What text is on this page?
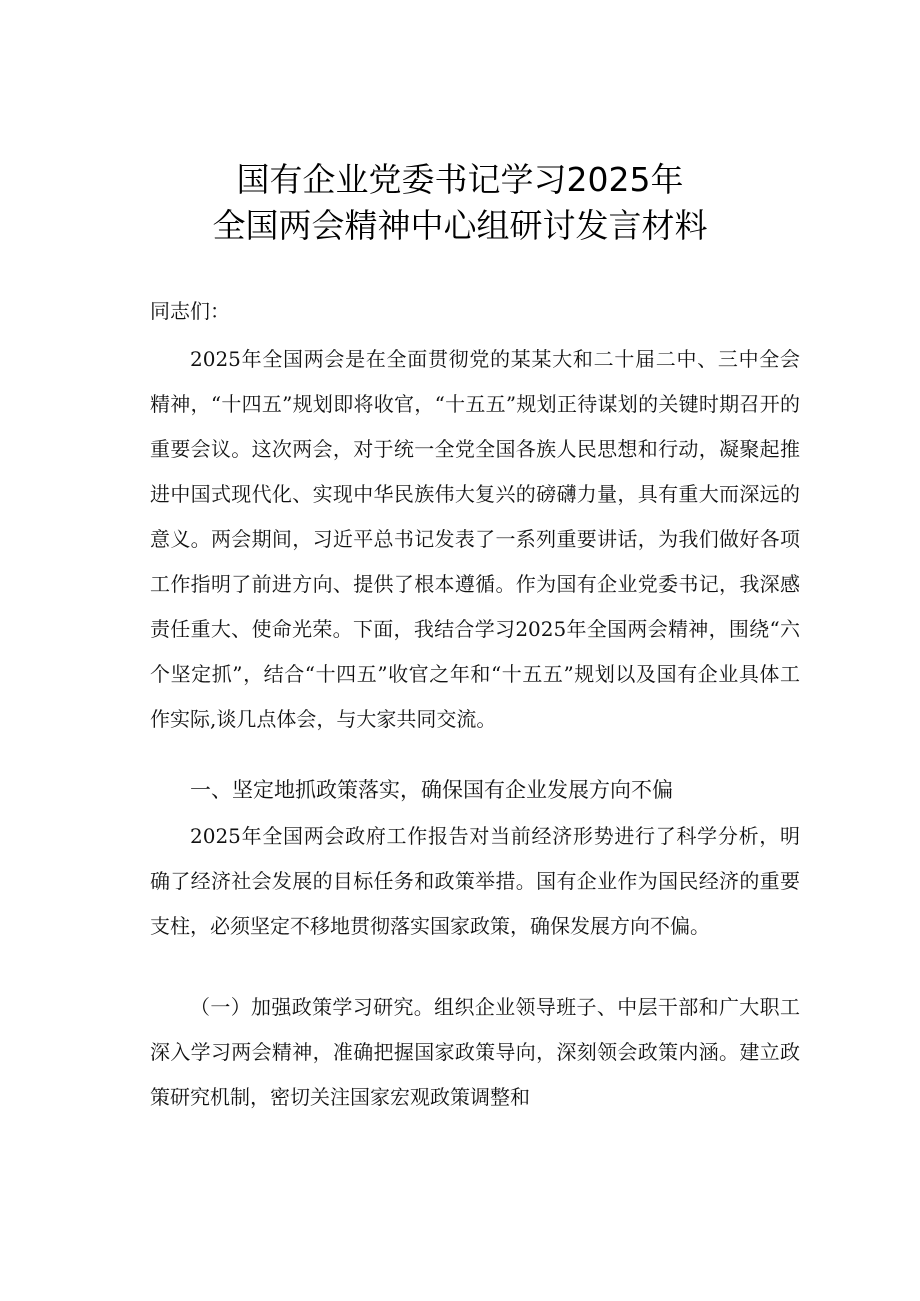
国有企业党委书记学习2025年
全国两会精神中心组研讨发言材料
同志们：

2025年全国两会是在全面贯彻党的某某大和二十届二中、三中全会精神，“十四五”规划即将收官，“十五五”规划正待谋划的关键时期召开的重要会议。这次两会，对于统一全党全国各族人民思想和行动，凝聚起推进中国式现代化、实现中华民族伟大复兴的磅礴力量，具有重大而深远的意义。两会期间，习近平总书记发表了一系列重要讲话，为我们做好各项工作指明了前进方向、提供了根本遵循。作为国有企业党委书记，我深感责任重大、使命光荣。下面，我结合学习2025年全国两会精神，围绕“六个坚定抓”，结合“十四五”收官之年和“十五五”规划以及国有企业具体工作实际,谈几点体会，与大家共同交流。

一、坚定地抓政策落实，确保国有企业发展方向不偏

2025年全国两会政府工作报告对当前经济形势进行了科学分析，明确了经济社会发展的目标任务和政策举措。国有企业作为国民经济的重要支柱，必须坚定不移地贯彻落实国家政策，确保发展方向不偏。

（一）加强政策学习研究。组织企业领导班子、中层干部和广大职工深入学习两会精神，准确把握国家政策导向，深刻领会政策内涵。建立政策研究机制，密切关注国家宏观政策调整和
